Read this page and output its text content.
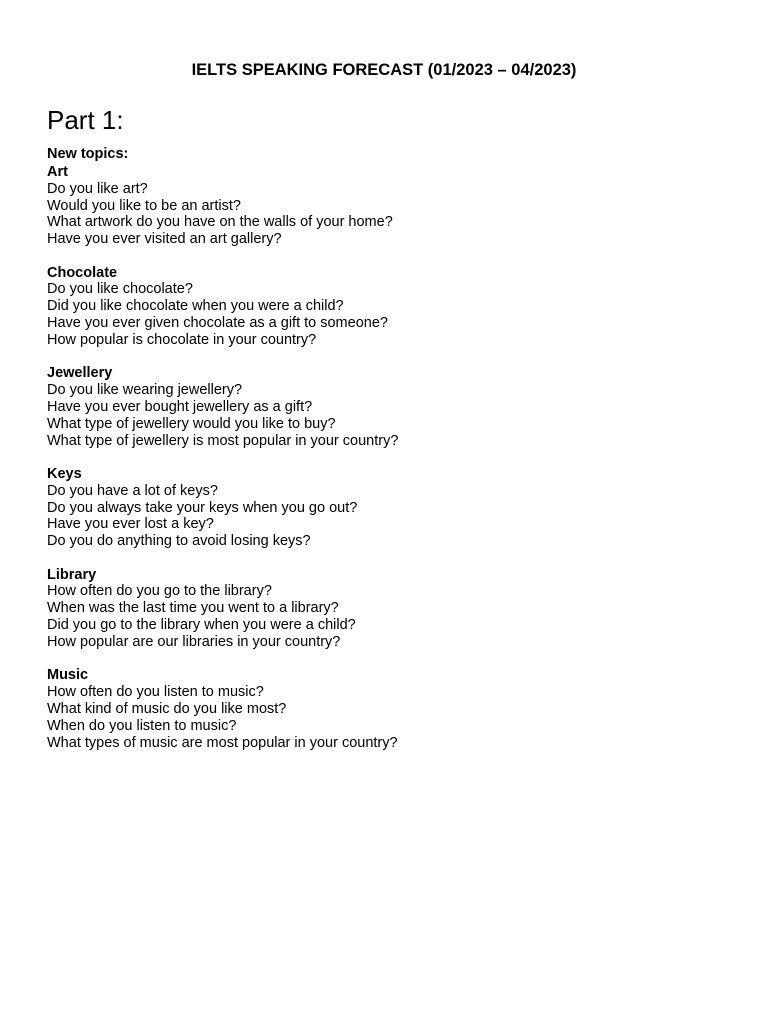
IELTS SPEAKING FORECAST (01/2023 – 04/2023)
Part 1:

New topics:

Art

Do you like art?
Would you like to be an artist?
What artwork do you have on the walls of your home?
Have you ever visited an art gallery?

Chocolate

Do you like chocolate?
Did you like chocolate when you were a child?
Have you ever given chocolate as a gift to someone?
How popular is chocolate in your country?

Jewellery

Do you like wearing jewellery?
Have you ever bought jewellery as a gift?
What type of jewellery would you like to buy?
What type of jewellery is most popular in your country?

Keys

Do you have a lot of keys?
Do you always take your keys when you go out?
Have you ever lost a key?
Do you do anything to avoid losing keys?

Library

How often do you go to the library?
When was the last time you went to a library?
Did you go to the library when you were a child?
How popular are our libraries in your country?

Music

How often do you listen to music?
What kind of music do you like most?
When do you listen to music?
What types of music are most popular in your country?
